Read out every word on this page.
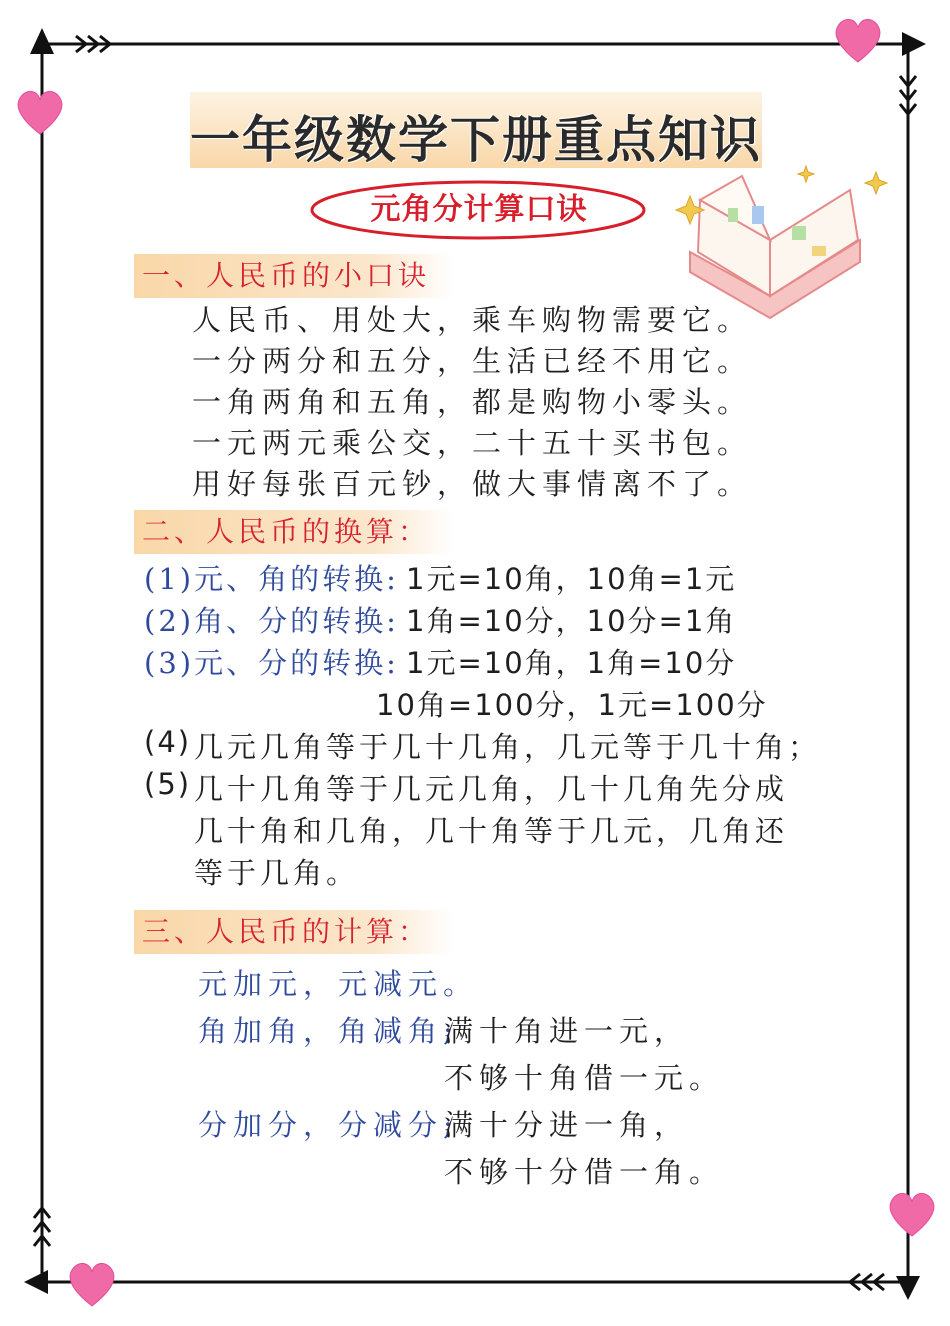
一年级数学下册重点知识
元角分计算口诀
一、人民币的小口诀
人民币、用处大，乘车购物需要它。
一分两分和五分，生活已经不用它。
一角两角和五角，都是购物小零头。
一元两元乘公交，二十五十买书包。
用好每张百元钞，做大事情离不了。
二、人民币的换算：
(1)元、角的转换: 1元=10角，10角=1元
(2)角、分的转换: 1角=10分，10分=1角
(3)元、分的转换: 1元=10角，1角=10分
10角=100分，1元=100分
(4) 几元几角等于几十几角，几元等于几十角；
(5) 几十几角等于几元几角，几十几角先分成
几十角和几角，几十角等于几元，几角还
等于几角。
三、人民币的计算：
元加元，元减元。
角加角，角减角;
满十角进一元，
不够十角借一元。
分加分，分减分;
满十分进一角，
不够十分借一角。
